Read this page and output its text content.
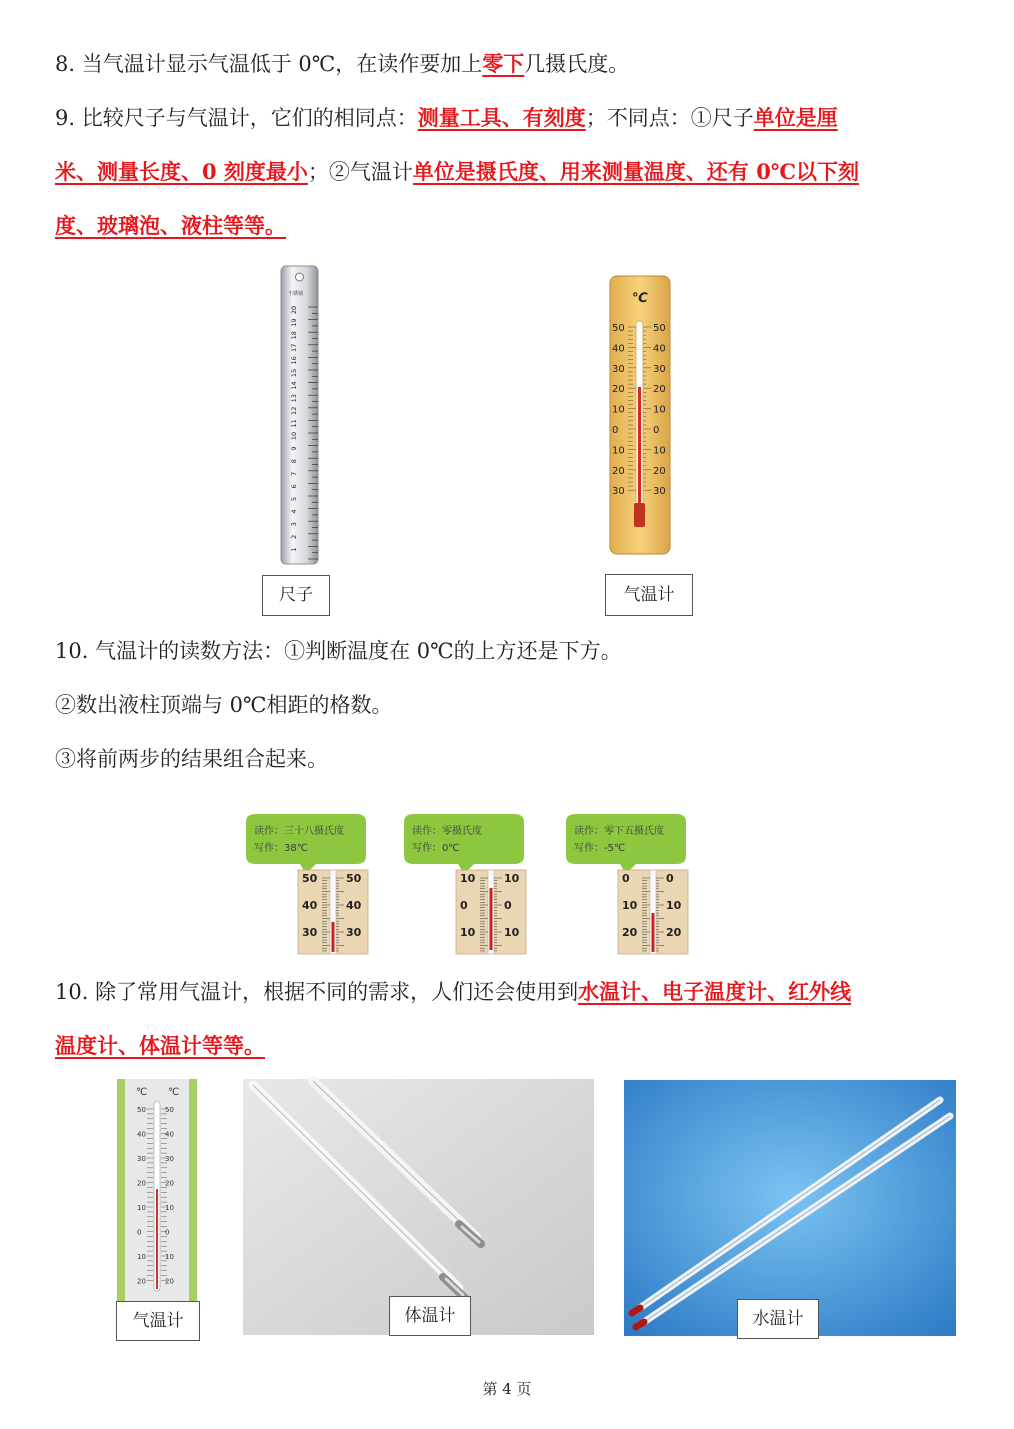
8. 当气温计显示气温低于 0℃，在读作要加上零下几摄氏度。
9. 比较尺子与气温计，它们的相同点：测量工具、有刻度；不同点：①尺子单位是厘
米、测量长度、0 刻度最小；②气温计单位是摄氏度、用来测量温度、还有 0℃以下刻
度、玻璃泡、液柱等等。
1
2
3
4
5
6
7
8
9
10
11
12
13
14
15
16
17
18
19
20
不锈钢
尺子
℃
50	50
40	40
30	30
20	20
10	10
0	0
10	10
20	20
30	30
气温计
10. 气温计的读数方法：①判断温度在 0℃的上方还是下方。
②数出液柱顶端与 0℃相距的格数。
③将前两步的结果组合起来。
读作：三十八摄氏度
写作：38℃
50	50
40	40
30	30
读作：零摄氏度
写作：0℃
10	10
0	0
10	10
读作：零下五摄氏度
写作：-5℃
0	0
10	10
20	20
10. 除了常用气温计，根据不同的需求，人们还会使用到水温计、电子温度计、红外线
温度计、体温计等等。
℃ ℃
50	50
40	40
30	30
20	20
10	10
0	0
10	10
20	20
气温计	体温计	水温计
第 4 页
